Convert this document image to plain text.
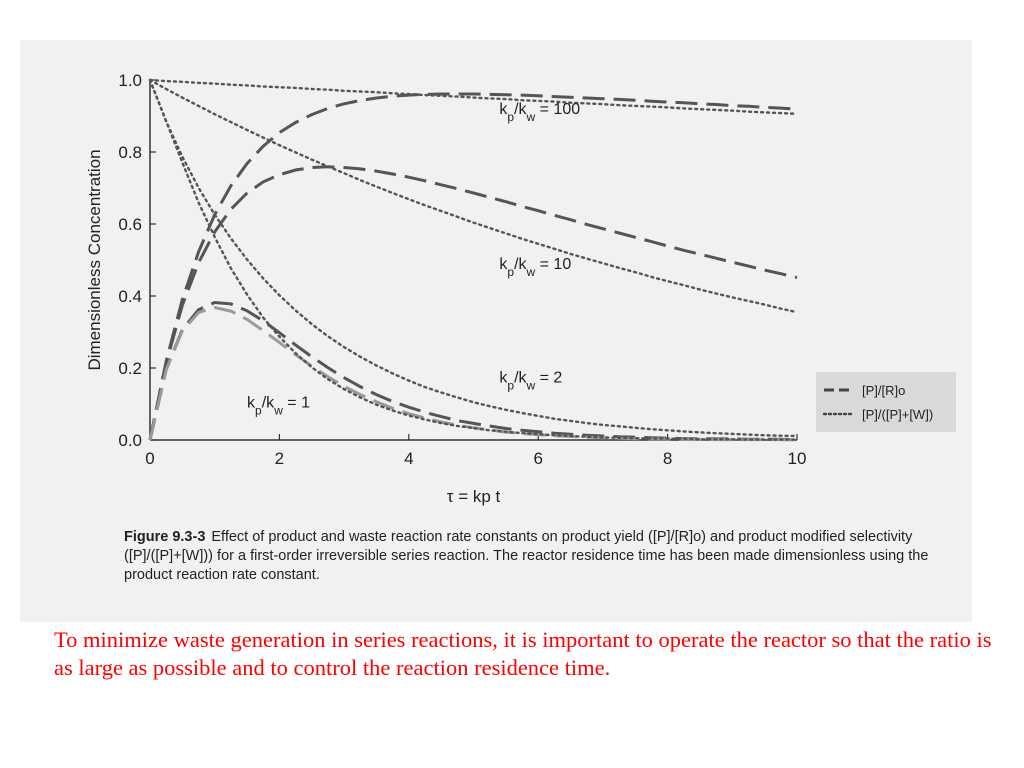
0	2	4	6	8	10
0.0
0.2
0.4
0.6
0.8
1.0
τ = kp t
Dimensionless Concentration
$k_p/k_w = 100$
$k_p/k_w = 10$
$k_p/k_w = 2$
$k_p/k_w = 1$
[P]/[R]o
[P]/([P]+[W])

Figure 9.3-3 Effect of product and waste reaction rate constants on product yield ([P]/[R]o) and product modified selectivity ([P]/([P]+[W])) for a first-order irreversible series reaction. The reactor residence time has been made dimensionless using the product reaction rate constant.

To minimize waste generation in series reactions, it is important to operate the reactor so that the ratio is as large as possible and to control the reaction residence time.
